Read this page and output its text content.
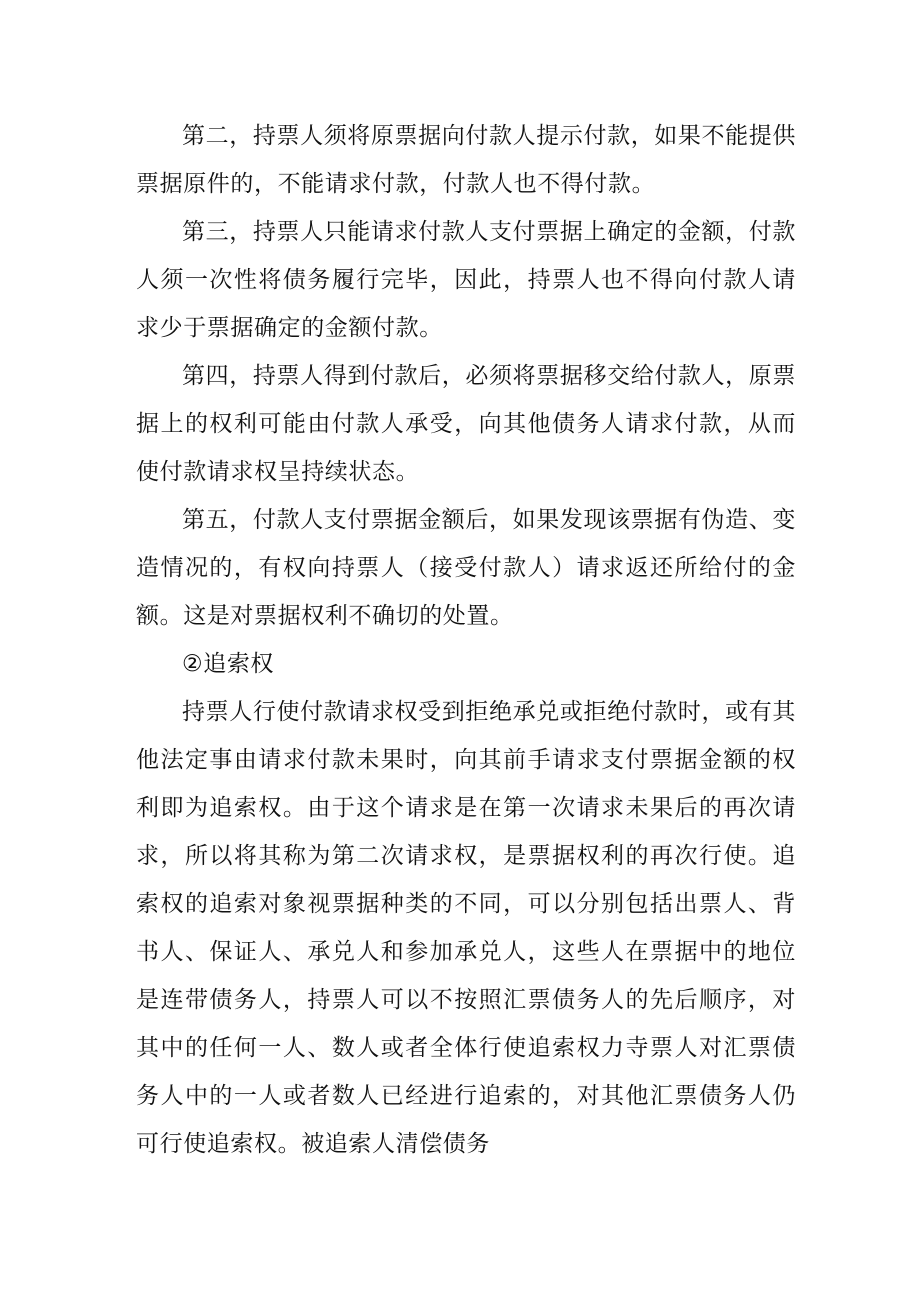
第二，持票人须将原票据向付款人提示付款，如果不能提供票据原件的，不能请求付款，付款人也不得付款。

第三，持票人只能请求付款人支付票据上确定的金额，付款人须一次性将债务履行完毕，因此，持票人也不得向付款人请求少于票据确定的金额付款。

第四，持票人得到付款后，必须将票据移交给付款人，原票据上的权利可能由付款人承受，向其他债务人请求付款，从而使付款请求权呈持续状态。

第五，付款人支付票据金额后，如果发现该票据有伪造、变造情况的，有权向持票人（接受付款人）请求返还所给付的金额。这是对票据权利不确切的处置。

②追索权

持票人行使付款请求权受到拒绝承兑或拒绝付款时，或有其他法定事由请求付款未果时，向其前手请求支付票据金额的权利即为追索权。由于这个请求是在第一次请求未果后的再次请求，所以将其称为第二次请求权，是票据权利的再次行使。追索权的追索对象视票据种类的不同，可以分别包括出票人、背书人、保证人、承兑人和参加承兑人，这些人在票据中的地位是连带债务人，持票人可以不按照汇票债务人的先后顺序，对其中的任何一人、数人或者全体行使追索权力寺票人对汇票债务人中的一人或者数人已经进行追索的，对其他汇票债务人仍可行使追索权。被追索人清偿债务
